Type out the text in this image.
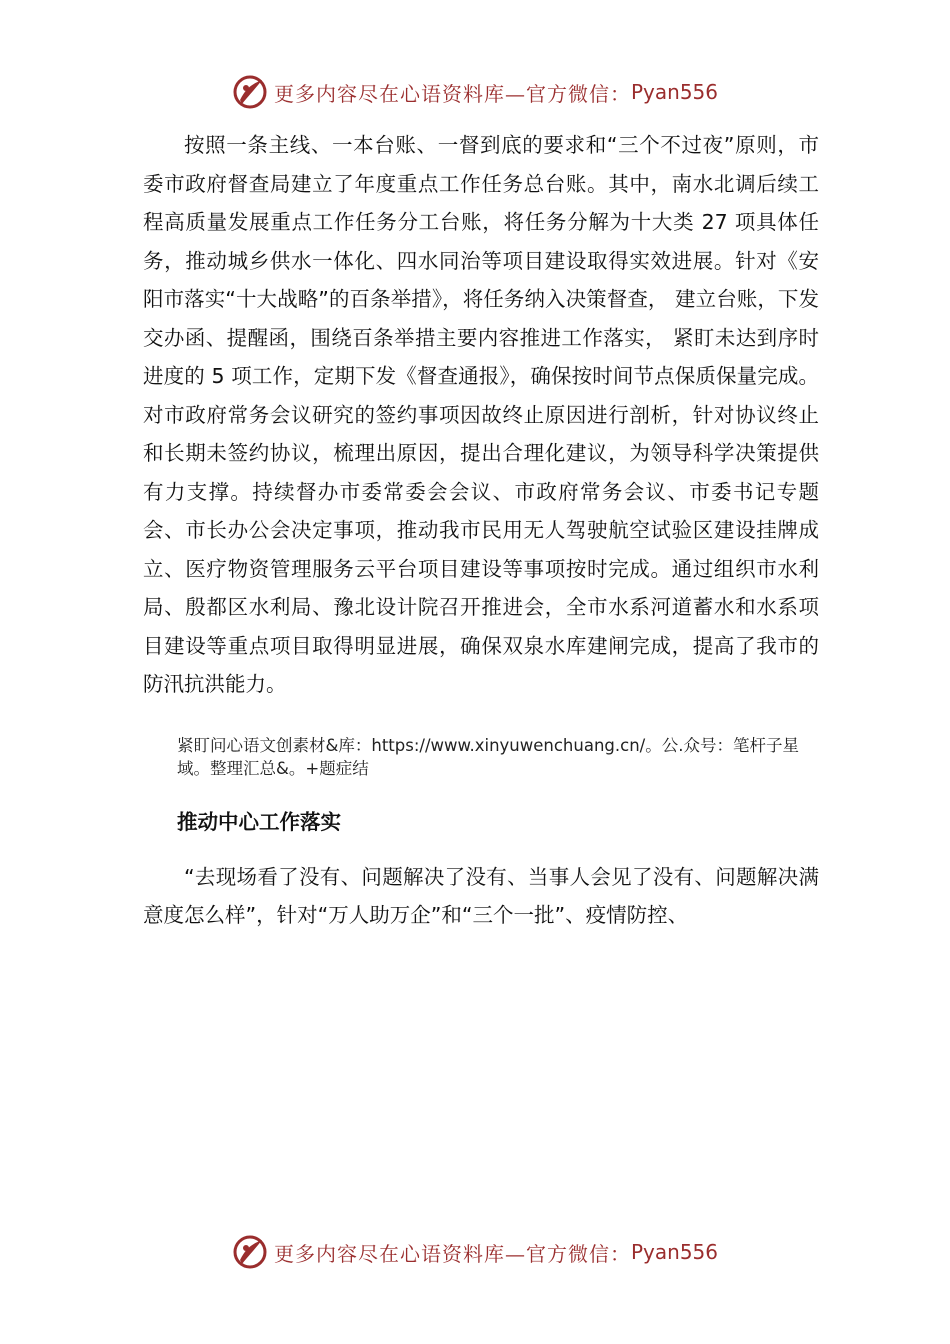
更多内容尽在心语资料库—官方微信： Pyan556

按照一条主线、一本台账、一督到底的要求和“三个不过夜”原则，市委市政府督查局建立了年度重点工作任务总台账。其中，南水北调后续工程高质量发展重点工作任务分工台账，将任务分解为十大类 27 项具体任务，推动城乡供水一体化、四水同治等项目建设取得实效进展。针对《安阳市落实“十大战略”的百条举措》，将任务纳入决策督查， 建立台账，下发交办函、提醒函，围绕百条举措主要内容推进工作落实， 紧盯未达到序时进度的 5 项工作，定期下发《督查通报》，确保按时间节点保质保量完成。对市政府常务会议研究的签约事项因故终止原因进行剖析，针对协议终止和长期未签约协议，梳理出原因，提出合理化建议，为领导科学决策提供有力支撑。持续督办市委常委会会议、市政府常务会议、市委书记专题会、市长办公会决定事项，推动我市民用无人驾驶航空试验区建设挂牌成立、医疗物资管理服务云平台项目建设等事项按时完成。通过组织市水利局、殷都区水利局、豫北设计院召开推进会，全市水系河道蓄水和水系项目建设等重点项目取得明显进展，确保双泉水库建闸完成，提高了我市的防汛抗洪能力。

紧盯问心语文创素材&库：https://www.xinyuwenchuang.cn/。公.众号：笔杆子星域。整理汇总&。+题症结
推动中心工作落实

“去现场看了没有、问题解决了没有、当事人会见了没有、问题解决满意度怎么样”，针对“万人助万企”和“三个一批”、疫情防控、

更多内容尽在心语资料库—官方微信： Pyan556
